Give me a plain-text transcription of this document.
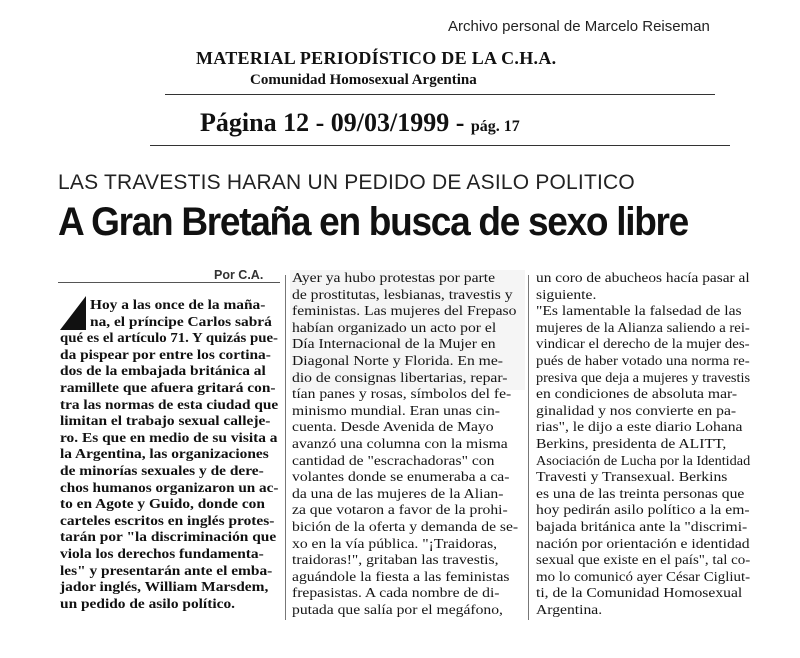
Archivo personal de Marcelo Reiseman
MATERIAL PERIODÍSTICO DE LA C.H.A.
Comunidad Homosexual Argentina
Página 12 - 09/03/1999 - pág. 17
LAS TRAVESTIS HARAN UN PEDIDO DE ASILO POLITICO
A Gran Bretaña en busca de sexo libre
Por C.A.
Hoy a las once de la maña-
na, el príncipe Carlos sabrá
qué es el artículo 71. Y quizás pue-
da pispear por entre los cortina-
dos de la embajada británica al
ramillete que afuera gritará con-
tra las normas de esta ciudad que
limitan el trabajo sexual calleje-
ro. Es que en medio de su visita a
la Argentina, las organizaciones
de minorías sexuales y de dere-
chos humanos organizaron un ac-
to en Agote y Guido, donde con
carteles escritos en inglés protes-
tarán por "la discriminación que
viola los derechos fundamenta-
les" y presentarán ante el emba-
jador inglés, William Marsdem,
un pedido de asilo político.
Ayer ya hubo protestas por parte
de prostitutas, lesbianas, travestis y
feministas. Las mujeres del Frepaso
habían organizado un acto por el
Día Internacional de la Mujer en
Diagonal Norte y Florida. En me-
dio de consignas libertarias, repar-
tían panes y rosas, símbolos del fe-
minismo mundial. Eran unas cin-
cuenta. Desde Avenida de Mayo
avanzó una columna con la misma
cantidad de "escrachadoras" con
volantes donde se enumeraba a ca-
da una de las mujeres de la Alian-
za que votaron a favor de la prohi-
bición de la oferta y demanda de se-
xo en la vía pública. "¡Traidoras,
traidoras!", gritaban las travestis,
aguándole la fiesta a las feministas
frepasistas. A cada nombre de di-
putada que salía por el megáfono,
un coro de abucheos hacía pasar al
siguiente.
"Es lamentable la falsedad de las
mujeres de la Alianza saliendo a rei-
vindicar el derecho de la mujer des-
pués de haber votado una norma re-
presiva que deja a mujeres y travestis
en condiciones de absoluta mar-
ginalidad y nos convierte en pa-
rias", le dijo a este diario Lohana
Berkins, presidenta de ALITT,
Asociación de Lucha por la Identidad
Travesti y Transexual. Berkins
es una de las treinta personas que
hoy pedirán asilo político a la em-
bajada británica ante la "discrimi-
nación por orientación e identidad
sexual que existe en el país", tal co-
mo lo comunicó ayer César Cigliut-
ti, de la Comunidad Homosexual
Argentina.
